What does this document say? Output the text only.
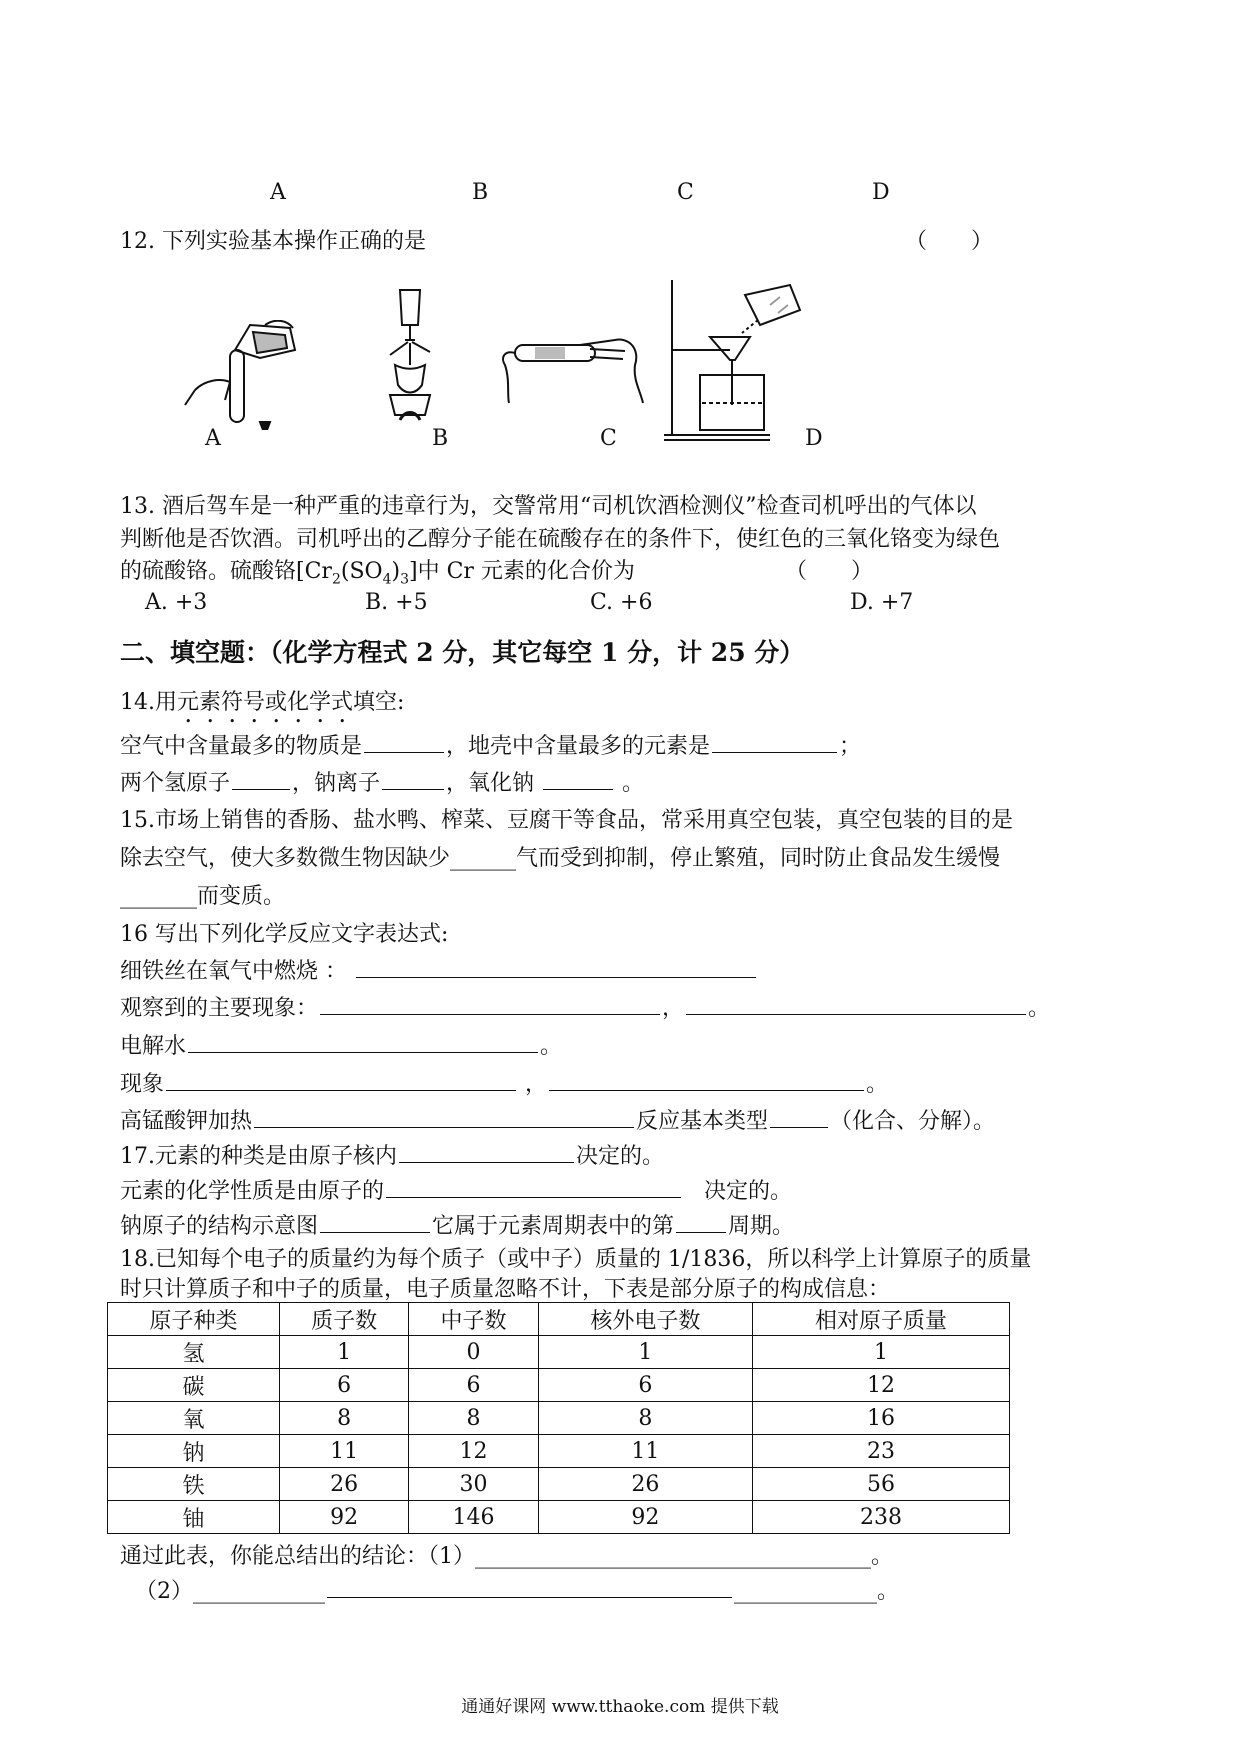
A	B	C	D
12. 下列实验基本操作正确的是	（　　）
A	B	C	D
13. 酒后驾车是一种严重的违章行为，交警常用“司机饮酒检测仪”检查司机呼出的气体以
判断他是否饮酒。司机呼出的乙醇分子能在硫酸存在的条件下，使红色的三氧化铬变为绿色
的硫酸铬。硫酸铬$[Cr_2(SO_4)_3]$中 Cr 元素的化合价为	（　　）
A. +3	B. +5	C. +6	D. +7
二、填空题：（化学方程式 2 分，其它每空 1 分，计 25 分）
14.用元素符号或化学式填空:
空气中含量最多的物质是	，地壳中含量最多的元素是	；
两个氢原子	，钠离子	，氧化钠	。
15.市场上销售的香肠、盐水鸭、榨菜、豆腐干等食品，常采用真空包装，真空包装的目的是
除去空气，使大多数微生物因缺少______气而受到抑制，停止繁殖，同时防止食品发生缓慢
_______而变质。
16 写出下列化学反应文字表达式:
细铁丝在氧气中燃烧 ：
观察到的主要现象：	，	。
电解水	。
现象	，	。
高锰酸钾加热	反应基本类型	（化合、分解）。
17.元素的种类是由原子核内	决定的。
元素的化学性质是由原子的	决定的。
钠原子的结构示意图	它属于元素周期表中的第 周期。
18.已知每个电子的质量约为每个质子（或中子）质量的 1/1836，所以科学上计算原子的质量
时只计算质子和中子的质量，电子质量忽略不计，下表是部分原子的构成信息：
原子种类	质子数	中子数	核外电子数	相对原子质量
氢	1	0	1	1
碳	6	6	6	12
氧	8	8	8	16
钠	11	12	11	23
铁	26	30	26	56
铀	92	146	92	238
通过此表，你能总结出的结论：（1）____________________________________。
（2）____________	_____________。
通通好课网 www.tthaoke.com 提供下载
